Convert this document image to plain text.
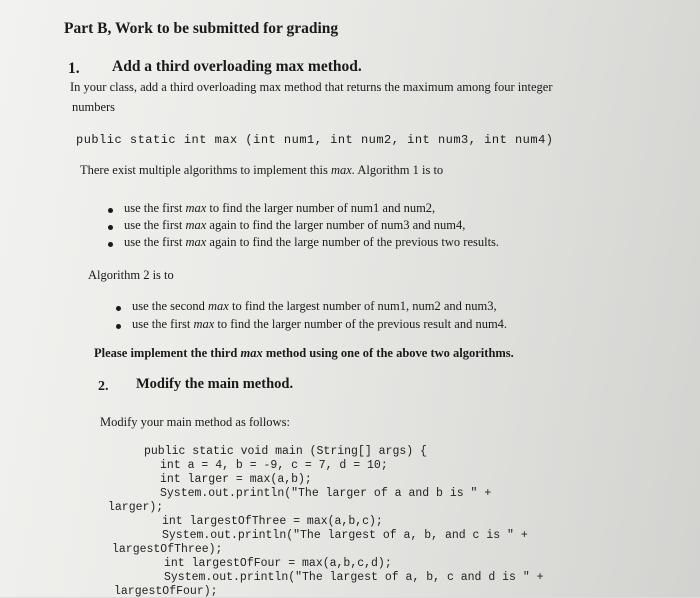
Part B, Work to be submitted for grading
1. Add a third overloading max method.
In your class, add a third overloading max method that returns the maximum among four integer
numbers
public static int max (int num1, int num2, int num3, int num4)
There exist multiple algorithms to implement this max. Algorithm 1 is to
use the first max to find the larger number of num1 and num2,
use the first max again to find the larger number of num3 and num4,
use the first max again to find the large number of the previous two results.
Algorithm 2 is to
use the second max to find the largest number of num1, num2 and num3,
use the first max to find the larger number of the previous result and num4.
Please implement the third max method using one of the above two algorithms.
2. Modify the main method.
Modify your main method as follows:
public static void main (String[] args) {
int a = 4, b = -9, c = 7, d = 10;
int larger = max(a,b);
System.out.println("The larger of a and b is " +
larger);
int largestOfThree = max(a,b,c);
System.out.println("The largest of a, b, and c is " +
largestOfThree);
int largestOfFour = max(a,b,c,d);
System.out.println("The largest of a, b, c and d is " +
largestOfFour);
